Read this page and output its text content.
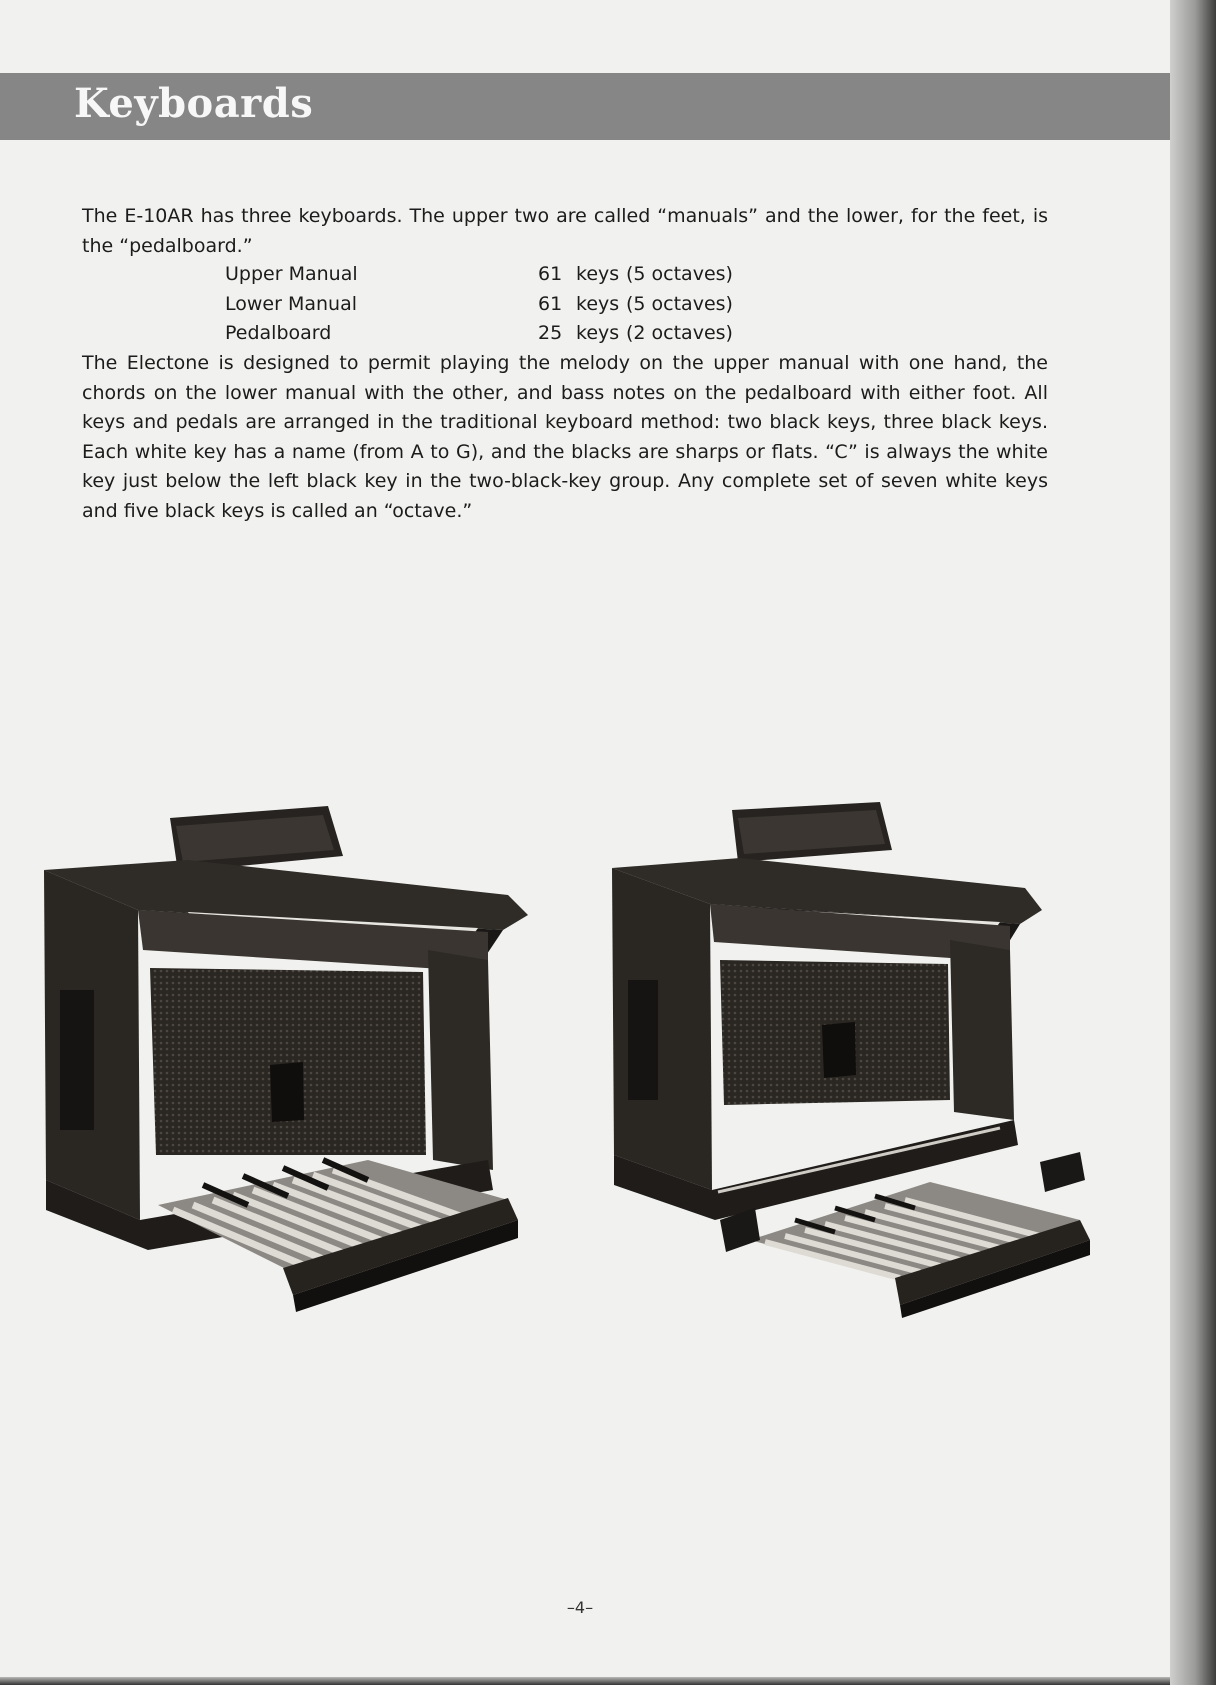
Keyboards

The E-10AR has three keyboards. The upper two are called “manuals” and the lower, for the feet, is the “pedalboard.”

Upper Manual	61 keys (5 octaves)
Lower Manual	61 keys (5 octaves)
Pedalboard	25 keys (2 octaves)

The Electone is designed to permit playing the melody on the upper manual with one hand, the chords on the lower manual with the other, and bass notes on the pedalboard with either foot. All keys and pedals are arranged in the traditional keyboard method: two black keys, three black keys. Each white key has a name (from A to G), and the blacks are sharps or flats. “C” is always the white key just below the left black key in the two-black-key group. Any complete set of seven white keys and five black keys is called an “octave.”

–4–
